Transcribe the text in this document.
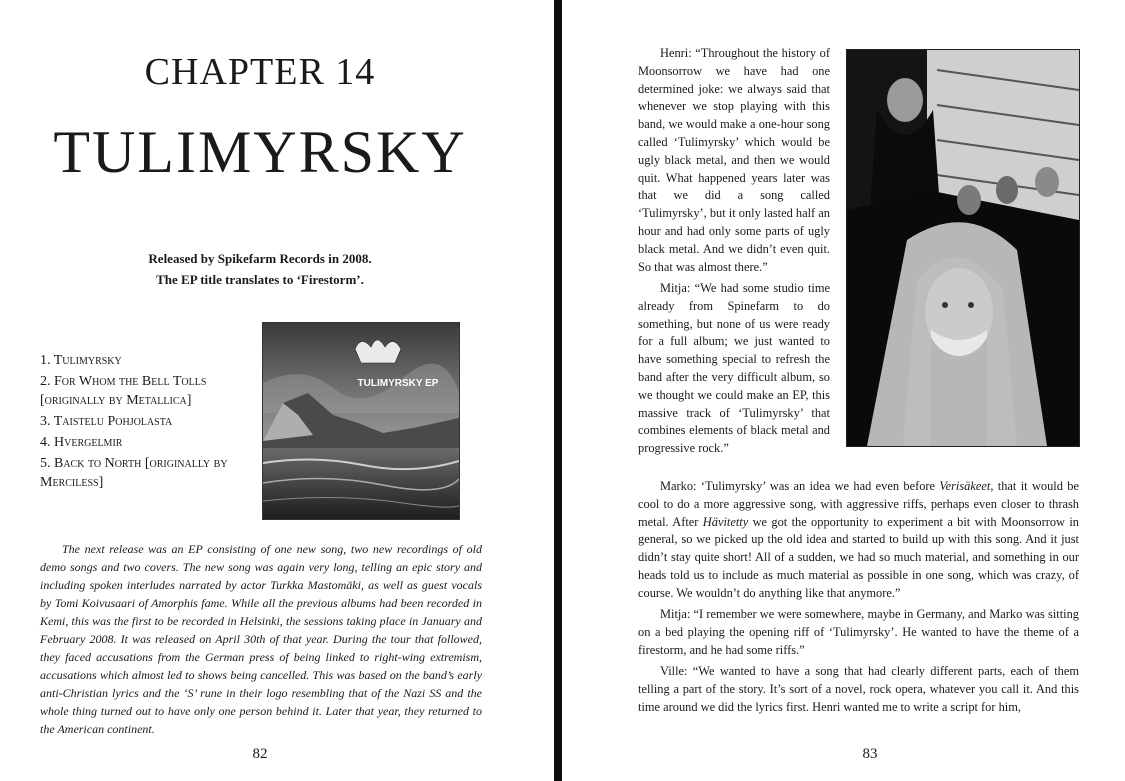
CHAPTER 14
TULIMYRSKY
Released by Spikefarm Records in 2008.
The EP title translates to ‘Firestorm’.
1. Tulimyrsky
2. For Whom the Bell Tolls [originally by Metallica]
3. Taistelu Pohjolasta
4. Hvergelmir
5. Back to North [originally by Merciless]
TULIMYRSKY EP

The next release was an EP consisting of one new song, two new recordings of old demo songs and two covers. The new song was again very long, telling an epic story and including spoken interludes narrated by actor Turkka Mastomäki, as well as guest vocals by Tomi Koivusaari of Amorphis fame. While all the previous albums had been recorded in Kemi, this was the first to be recorded in Helsinki, the sessions taking place in January and February 2008. It was released on April 30th of that year. During the tour that followed, they faced accusations from the German press of being linked to right-wing extremism, accusations which almost led to shows being cancelled. This was based on the band’s early anti-Christian lyrics and the ‘S’ rune in their logo resembling that of the Nazi SS and the whole thing turned out to have only one person behind it. Later that year, they returned to the American continent.

82

Henri: “Throughout the history of Moonsorrow we have had one determined joke: we always said that whenever we stop playing with this band, we would make a one-hour song called ‘Tulimyrsky’ which would be ugly black metal, and then we would quit. What happened years later was that we did a song called ‘Tulimyrsky’, but it only lasted half an hour and had only some parts of ugly black metal. And we didn’t even quit. So that was almost there.”

Mitja: “We had some studio time already from Spinefarm to do something, but none of us were ready for a full album; we just wanted to have something special to refresh the band after the very difficult album, so we thought we could make an EP, this massive track of ‘Tulimyrsky’ that combines elements of black metal and progressive rock.”

Marko: ‘Tulimyrsky’ was an idea we had even before Verisäkeet, that it would be cool to do a more aggressive song, with aggressive riffs, perhaps even closer to thrash metal. After Hävitetty we got the opportunity to experiment a bit with Moonsorrow in general, so we picked up the old idea and started to build up with this song. And it just didn’t stay quite short! All of a sudden, we had so much material, and something in our heads told us to include as much material as possible in one song, which was crazy, of course. We wouldn’t do anything like that anymore.”

Mitja: “I remember we were somewhere, maybe in Germany, and Marko was sitting on a bed playing the opening riff of ‘Tulimyrsky’. He wanted to have the theme of a firestorm, and he had some riffs.”

Ville: “We wanted to have a song that had clearly different parts, each of them telling a part of the story. It’s sort of a novel, rock opera, whatever you call it. And this time around we did the lyrics first. Henri wanted me to write a script for him,

83
